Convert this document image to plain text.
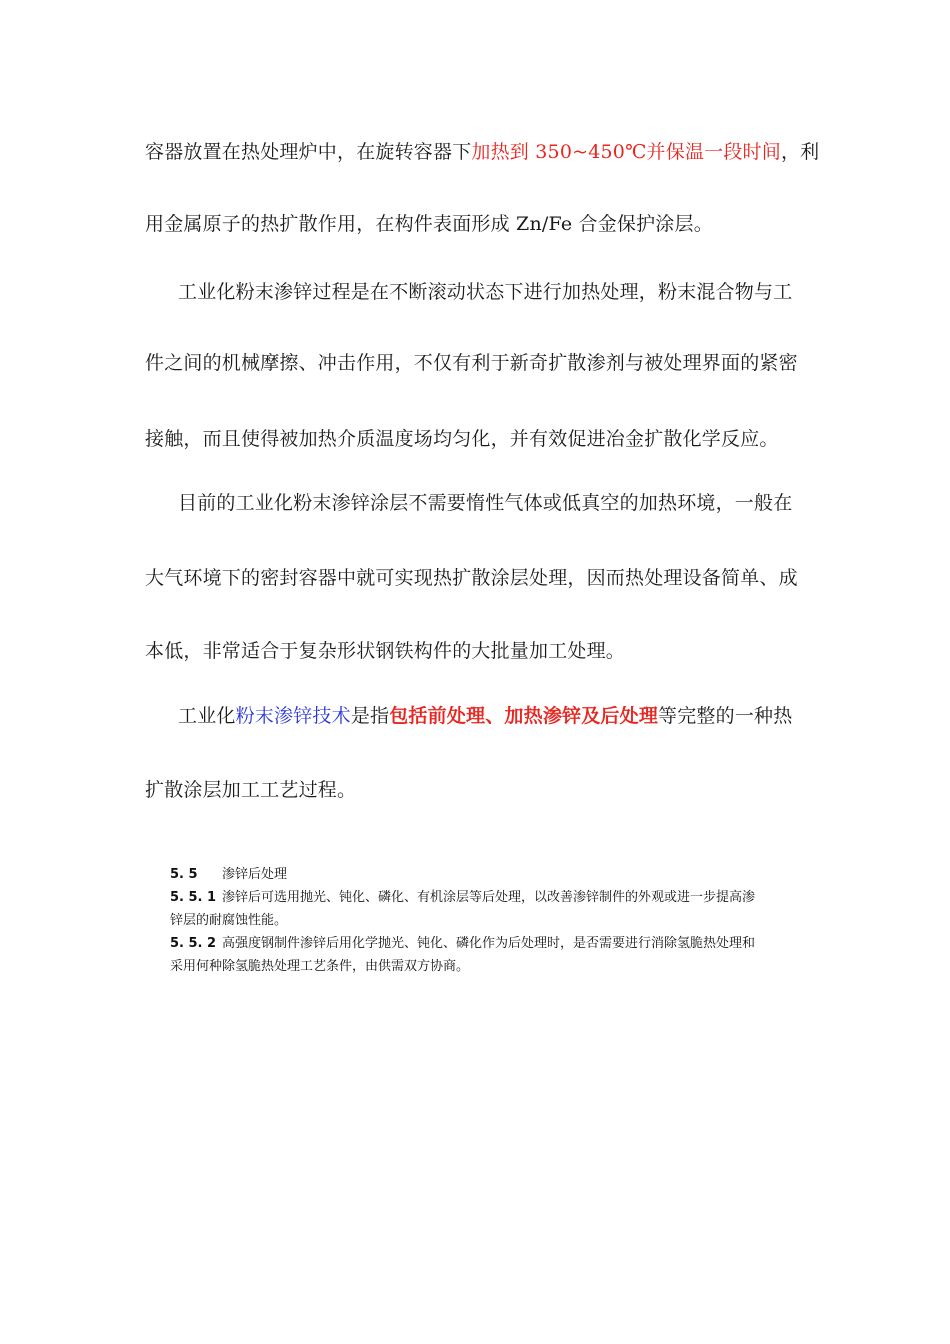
容器放置在热处理炉中，在旋转容器下加热到 350~450℃并保温一段时间，利
用金属原子的热扩散作用，在构件表面形成 Zn/Fe 合金保护涂层。
工业化粉末渗锌过程是在不断滚动状态下进行加热处理，粉末混合物与工
件之间的机械摩擦、冲击作用，不仅有利于新奇扩散渗剂与被处理界面的紧密
接触，而且使得被加热介质温度场均匀化，并有效促进冶金扩散化学反应。
目前的工业化粉末渗锌涂层不需要惰性气体或低真空的加热环境，一般在
大气环境下的密封容器中就可实现热扩散涂层处理，因而热处理设备简单、成
本低，非常适合于复杂形状钢铁构件的大批量加工处理。
工业化粉末渗锌技术是指包括前处理、加热渗锌及后处理等完整的一种热
扩散涂层加工工艺过程。
5. 5 渗锌后处理
5. 5. 1 渗锌后可选用抛光、钝化、磷化、有机涂层等后处理，以改善渗锌制件的外观或进一步提高渗
锌层的耐腐蚀性能。
5. 5. 2 高强度钢制件渗锌后用化学抛光、钝化、磷化作为后处理时，是否需要进行消除氢脆热处理和
采用何种除氢脆热处理工艺条件，由供需双方协商。
